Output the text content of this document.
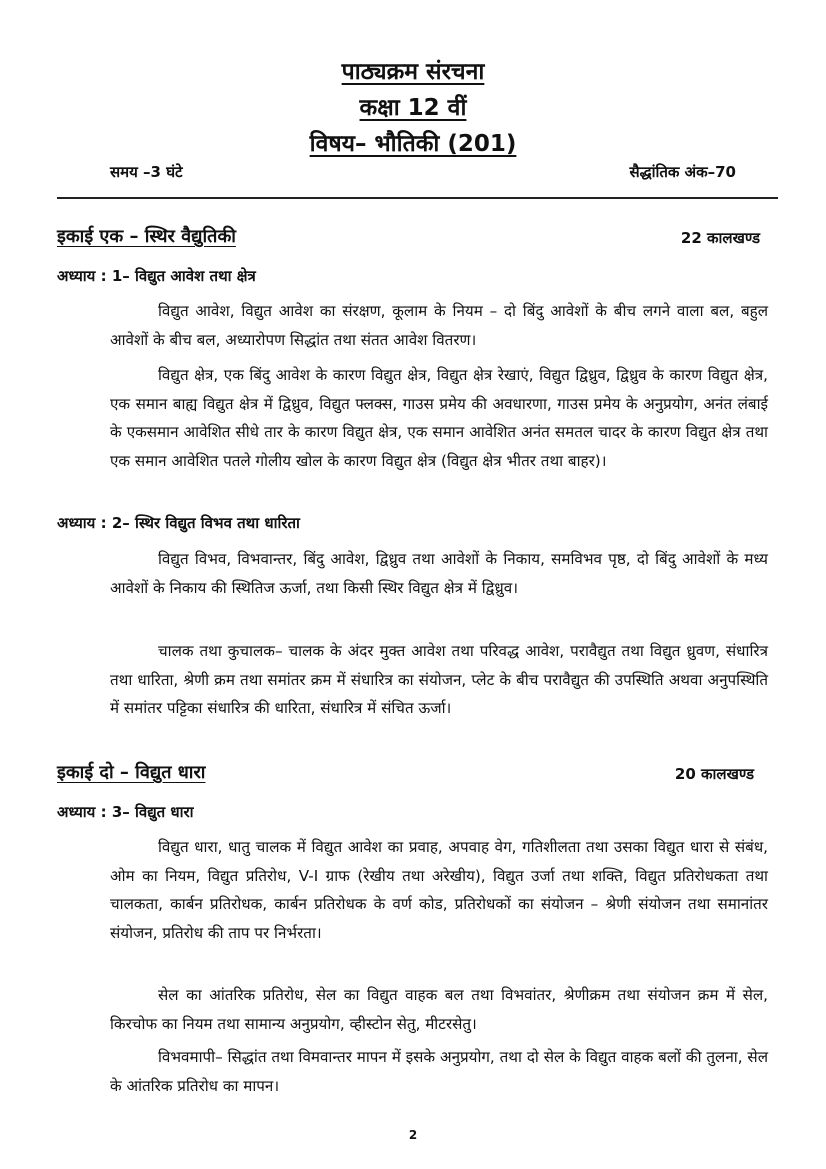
पाठ्यक्रम संरचना
कक्षा 12 वीं
विषय– भौतिकी (201)
समय –3 घंटे	सैद्धांतिक अंक–70
इकाई एक – स्थिर वैद्युतिकी	22 कालखण्ड
अध्याय : 1– विद्युत आवेश तथा क्षेत्र

विद्युत आवेश, विद्युत आवेश का संरक्षण, कूलाम के नियम – दो बिंदु आवेशों के बीच लगने वाला बल, बहुल आवेशों के बीच बल, अध्यारोपण सिद्धांत तथा संतत आवेश वितरण।

विद्युत क्षेत्र, एक बिंदु आवेश के कारण विद्युत क्षेत्र, विद्युत क्षेत्र रेखाएं, विद्युत द्विध्रुव, द्विध्रुव के कारण विद्युत क्षेत्र, एक समान बाह्य विद्युत क्षेत्र में द्विध्रुव, विद्युत फ्लक्स, गाउस प्रमेय की अवधारणा, गाउस प्रमेय के अनुप्रयोग, अनंत लंबाई के एकसमान आवेशित सीधे तार के कारण विद्युत क्षेत्र, एक समान आवेशित अनंत समतल चादर के कारण विद्युत क्षेत्र तथा एक समान आवेशित पतले गोलीय खोल के कारण विद्युत क्षेत्र (विद्युत क्षेत्र भीतर तथा बाहर)।

अध्याय : 2– स्थिर विद्युत विभव तथा धारिता

विद्युत विभव, विभवान्तर, बिंदु आवेश, द्विध्रुव तथा आवेशों के निकाय, समविभव पृष्ठ, दो बिंदु आवेशों के मध्य आवेशों के निकाय की स्थितिज ऊर्जा, तथा किसी स्थिर विद्युत क्षेत्र में द्विध्रुव।

चालक तथा कुचालक– चालक के अंदर मुक्त आवेश तथा परिवद्ध आवेश, परावैद्युत तथा विद्युत ध्रुवण, संधारित्र तथा धारिता, श्रेणी क्रम तथा समांतर क्रम में संधारित्र का संयोजन, प्लेट के बीच परावैद्युत की उपस्थिति अथवा अनुपस्थिति में समांतर पट्टिका संधारित्र की धारिता, संधारित्र में संचित ऊर्जा।

इकाई दो – विद्युत धारा	20 कालखण्ड
अध्याय : 3– विद्युत धारा

विद्युत धारा, धातु चालक में विद्युत आवेश का प्रवाह, अपवाह वेग, गतिशीलता तथा उसका विद्युत धारा से संबंध, ओम का नियम, विद्युत प्रतिरोध, V-I ग्राफ (रेखीय तथा अरेखीय), विद्युत उर्जा तथा शक्ति, विद्युत प्रतिरोधकता तथा चालकता, कार्बन प्रतिरोधक, कार्बन प्रतिरोधक के वर्ण कोड, प्रतिरोधकों का संयोजन – श्रेणी संयोजन तथा समानांतर संयोजन, प्रतिरोध की ताप पर निर्भरता।

सेल का आंतरिक प्रतिरोध, सेल का विद्युत वाहक बल तथा विभवांतर, श्रेणीक्रम तथा संयोजन क्रम में सेल, किरचोफ का नियम तथा सामान्य अनुप्रयोग, व्हीस्टोन सेतु, मीटरसेतु।

विभवमापी– सिद्धांत तथा विमवान्तर मापन में इसके अनुप्रयोग, तथा दो सेल के विद्युत वाहक बलों की तुलना, सेल के आंतरिक प्रतिरोध का मापन।

2
